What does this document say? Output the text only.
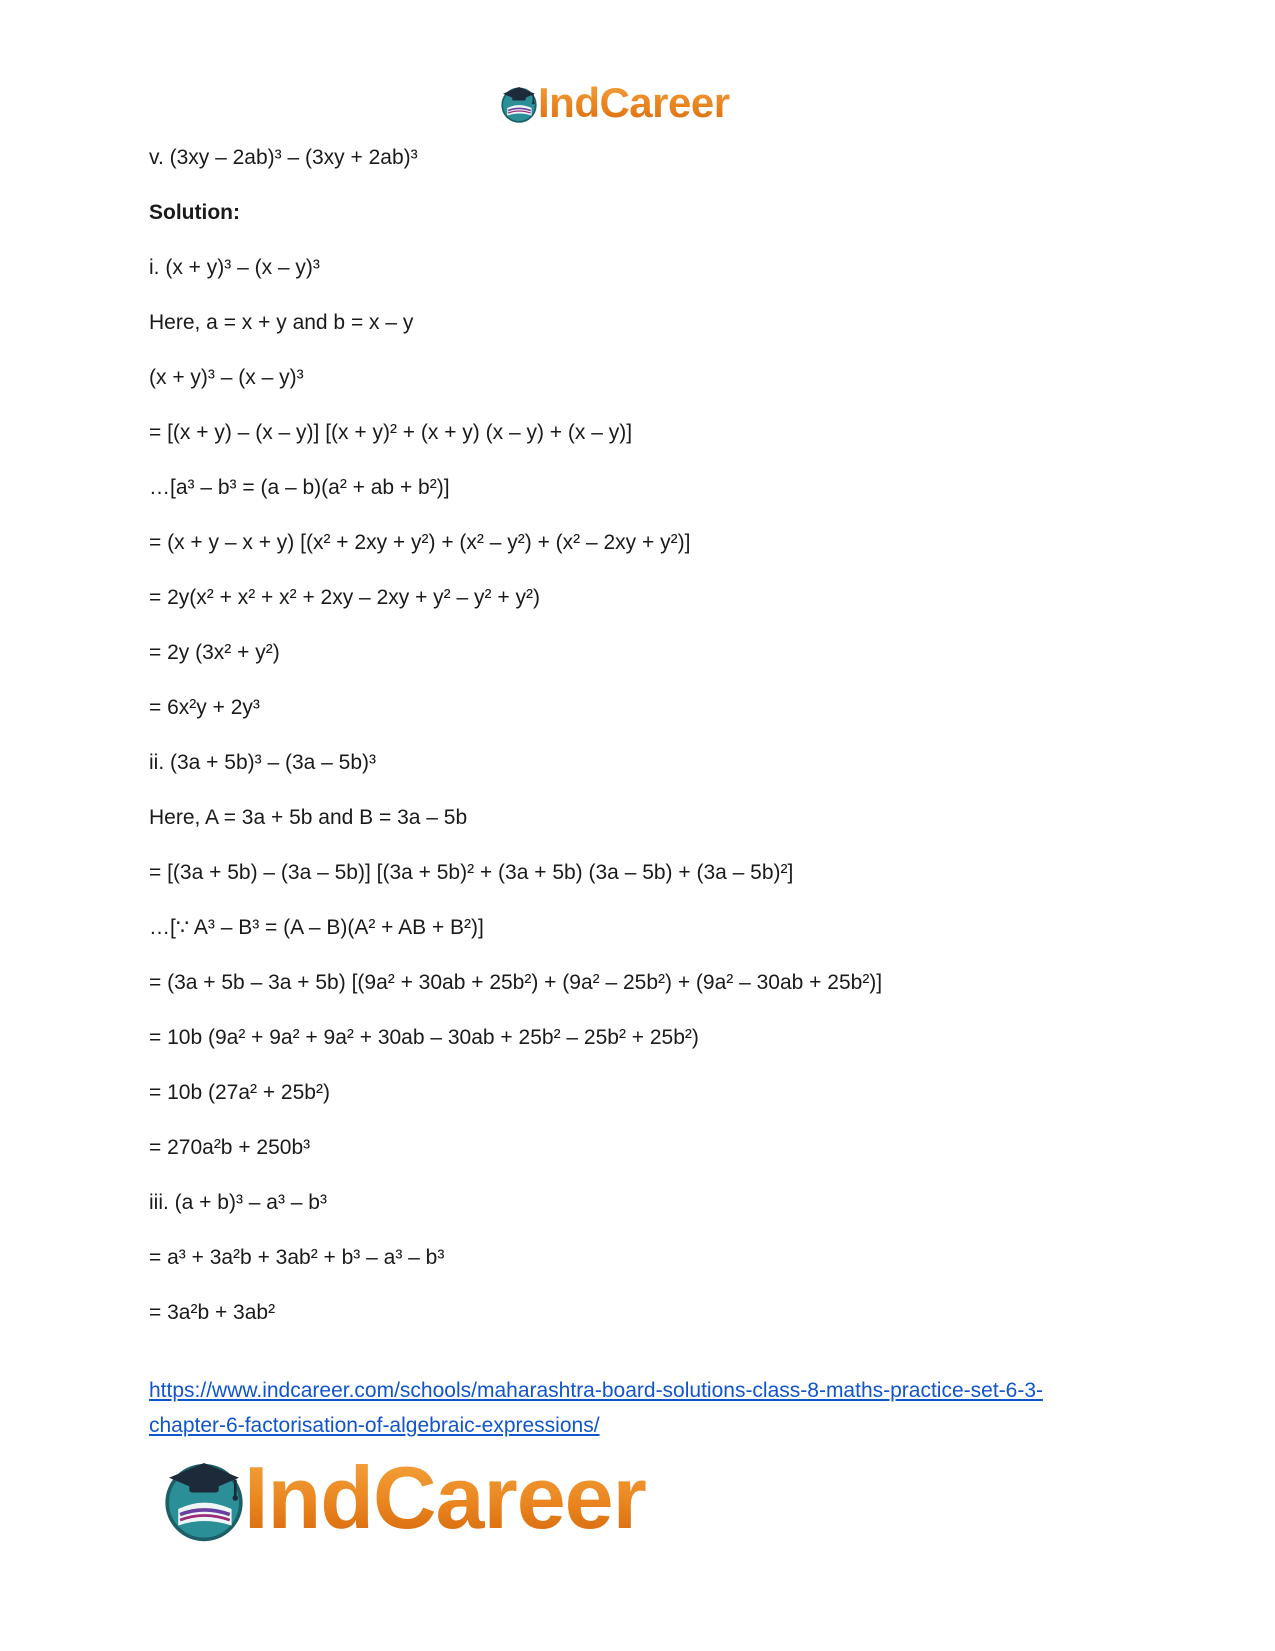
IndCareer
v. (3xy – 2ab)³ – (3xy + 2ab)³
Solution:
i. (x + y)³ – (x – y)³
Here, a = x + y and b = x – y
(x + y)³ – (x – y)³
= [(x + y) – (x – y)] [(x + y)² + (x + y) (x – y) + (x – y)]
…[a³ – b³ = (a – b)(a² + ab + b²)]
= (x + y – x + y) [(x² + 2xy + y²) + (x² – y²) + (x² – 2xy + y²)]
= 2y(x² + x² + x² + 2xy – 2xy + y² – y² + y²)
= 2y (3x² + y²)
= 6x²y + 2y³
ii. (3a + 5b)³ – (3a – 5b)³
Here, A = 3a + 5b and B = 3a – 5b
= [(3a + 5b) – (3a – 5b)] [(3a + 5b)² + (3a + 5b) (3a – 5b) + (3a – 5b)²]
…[∵ A³ – B³ = (A – B)(A² + AB + B²)]
= (3a + 5b – 3a + 5b) [(9a² + 30ab + 25b²) + (9a² – 25b²) + (9a² – 30ab + 25b²)]
= 10b (9a² + 9a² + 9a² + 30ab – 30ab + 25b² – 25b² + 25b²)
= 10b (27a² + 25b²)
= 270a²b + 250b³
iii. (a + b)³ – a³ – b³
= a³ + 3a²b + 3ab² + b³ – a³ – b³
= 3a²b + 3ab²
https://www.indcareer.com/schools/maharashtra-board-solutions-class-8-maths-practice-set-6-3-
chapter-6-factorisation-of-algebraic-expressions/
IndCareer
